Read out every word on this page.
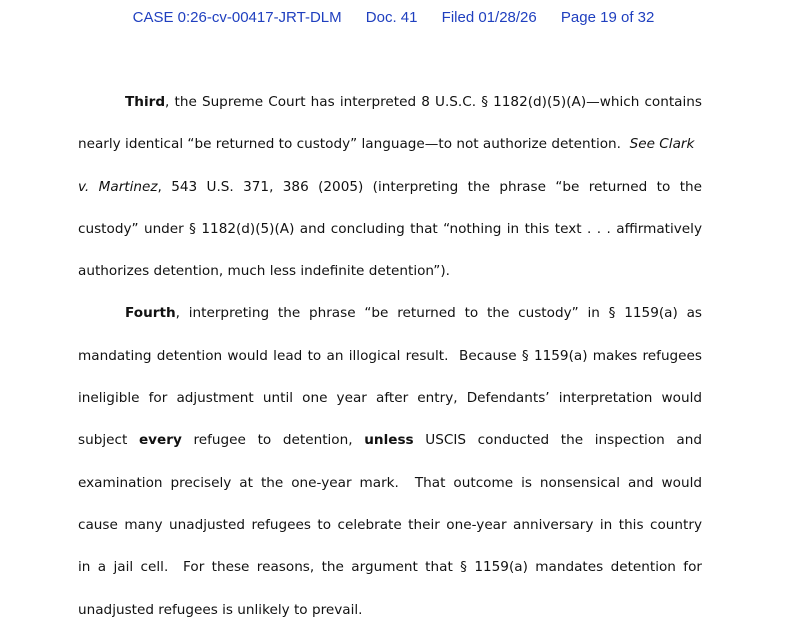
CASE 0:26-cv-00417-JRT-DLM Doc. 41 Filed 01/28/26 Page 19 of 32
Third, the Supreme Court has interpreted 8 U.S.C. § 1182(d)(5)(A)—which contains
nearly identical “be returned to custody” language—to not authorize detention.  See Clark
v. Martinez, 543 U.S. 371, 386 (2005) (interpreting the phrase “be returned to the
custody” under § 1182(d)(5)(A) and concluding that “nothing in this text . . . affirmatively
authorizes detention, much less indefinite detention”).
Fourth, interpreting the phrase “be returned to the custody” in § 1159(a) as
mandating detention would lead to an illogical result.  Because § 1159(a) makes refugees
ineligible for adjustment until one year after entry, Defendants’ interpretation would
subject every refugee to detention, unless USCIS conducted the inspection and
examination precisely at the one-year mark.  That outcome is nonsensical and would
cause many unadjusted refugees to celebrate their one-year anniversary in this country
in a jail cell.  For these reasons, the argument that § 1159(a) mandates detention for
unadjusted refugees is unlikely to prevail.
